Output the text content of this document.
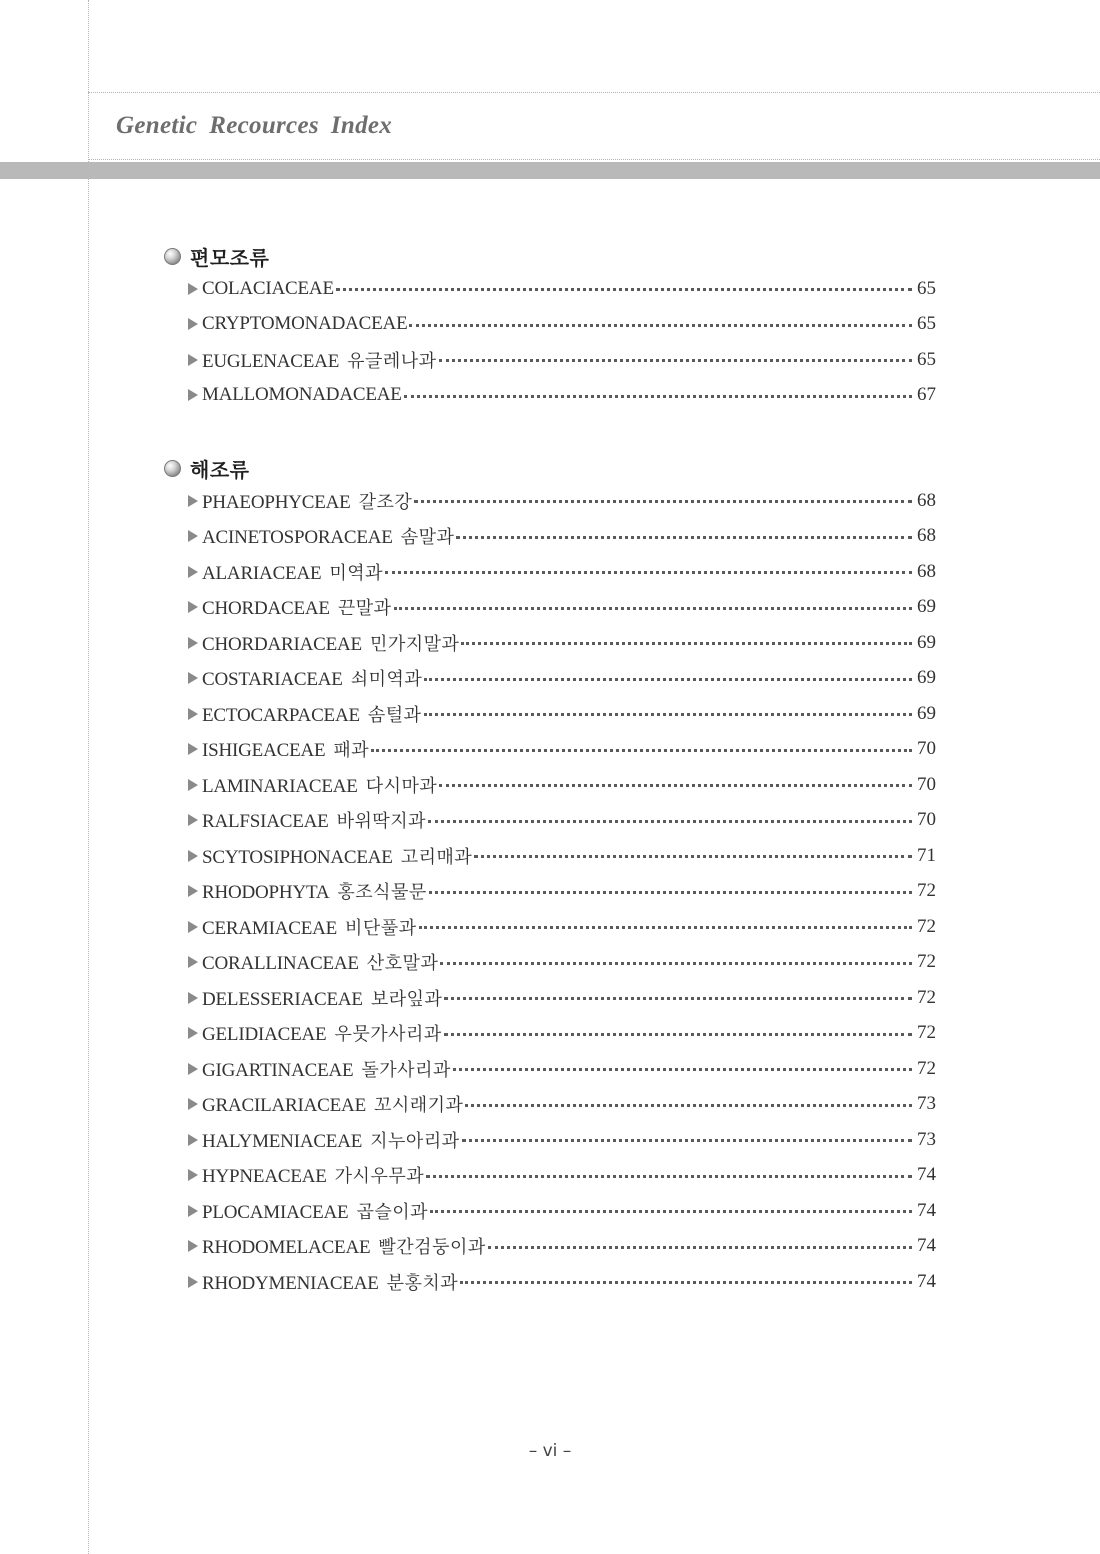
Genetic Recources Index
편모조류
COLACIACEAE	65
CRYPTOMONADACEAE	65
EUGLENACEAE 유글레나과	65
MALLOMONADACEAE	67
해조류
PHAEOPHYCEAE 갈조강	68
ACINETOSPORACEAE 솜말과	68
ALARIACEAE 미역과	68
CHORDACEAE 끈말과	69
CHORDARIACEAE 민가지말과	69
COSTARIACEAE 쇠미역과	69
ECTOCARPACEAE 솜털과	69
ISHIGEACEAE 패과	70
LAMINARIACEAE 다시마과	70
RALFSIACEAE 바위딱지과	70
SCYTOSIPHONACEAE 고리매과	71
RHODOPHYTA 홍조식물문	72
CERAMIACEAE 비단풀과	72
CORALLINACEAE 산호말과	72
DELESSERIACEAE 보라잎과	72
GELIDIACEAE 우뭇가사리과	72
GIGARTINACEAE 돌가사리과	72
GRACILARIACEAE 꼬시래기과	73
HALYMENIACEAE 지누아리과	73
HYPNEACEAE 가시우무과	74
PLOCAMIACEAE 곱슬이과	74
RHODOMELACEAE 빨간검둥이과	74
RHODYMENIACEAE 분홍치과	74
– vi –
